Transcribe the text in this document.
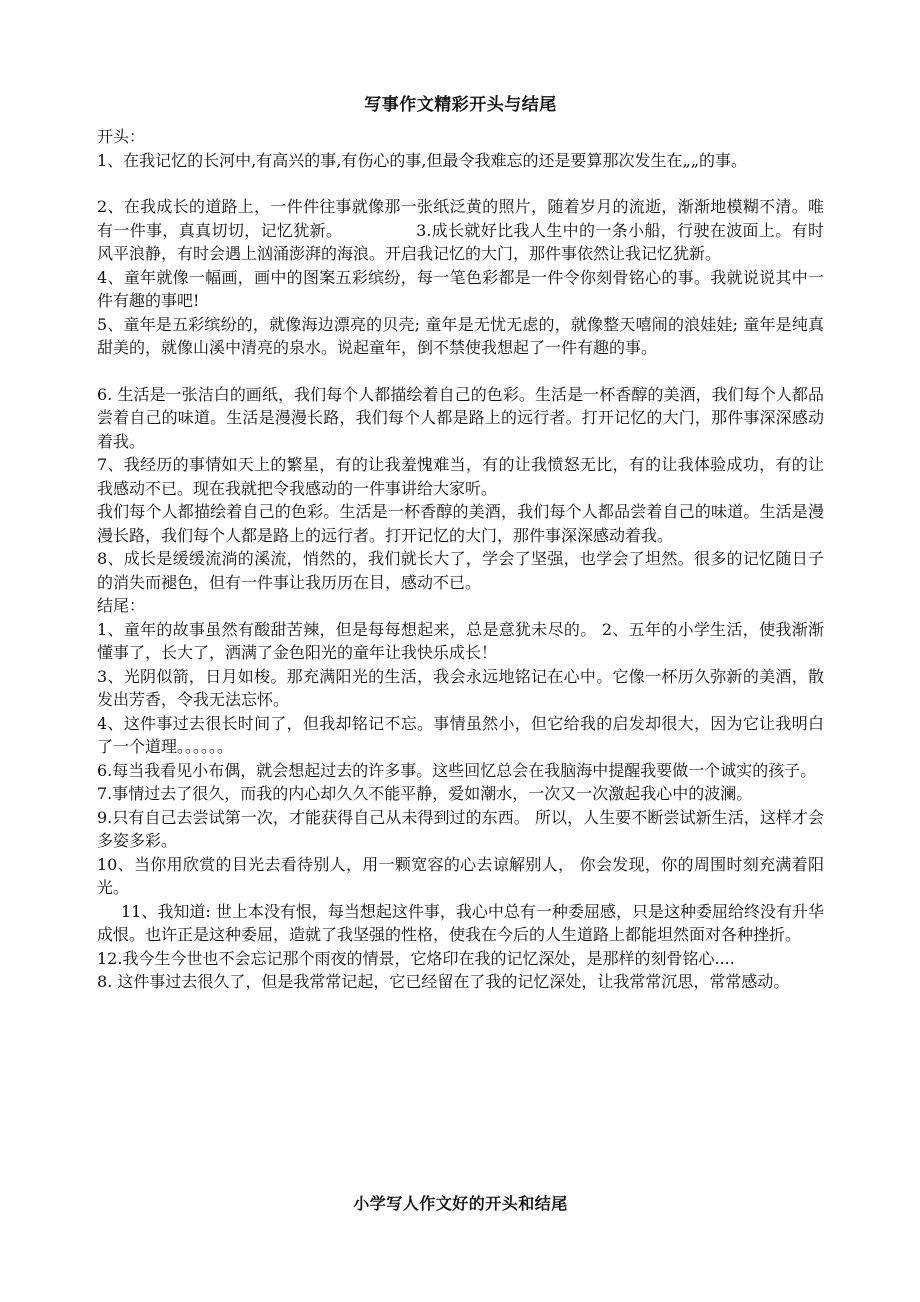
写事作文精彩开头与结尾

开头：

1、在我记忆的长河中,有高兴的事,有伤心的事,但最令我难忘的还是要算那次发生在„„的事。

2、在我成长的道路上，一件件往事就像那一张纸泛黄的照片，随着岁月的流逝，渐渐地模糊不清。唯有一件事，真真切切，记忆犹新。　　　　　3.成长就好比我人生中的一条小船，行驶在波面上。有时风平浪静，有时会遇上汹涌澎湃的海浪。开启我记忆的大门，那件事依然让我记忆犹新。

4、童年就像一幅画，画中的图案五彩缤纷，每一笔色彩都是一件令你刻骨铭心的事。我就说说其中一件有趣的事吧!

5、童年是五彩缤纷的，就像海边漂亮的贝壳; 童年是无忧无虑的，就像整天嘻闹的浪娃娃; 童年是纯真甜美的，就像山溪中清亮的泉水。说起童年，倒不禁使我想起了一件有趣的事。

6. 生活是一张洁白的画纸，我们每个人都描绘着自己的色彩。生活是一杯香醇的美酒，我们每个人都品尝着自己的味道。生活是漫漫长路，我们每个人都是路上的远行者。打开记忆的大门，那件事深深感动着我。

7、我经历的事情如天上的繁星，有的让我羞愧难当，有的让我愤怒无比，有的让我体验成功，有的让我感动不已。现在我就把令我感动的一件事讲给大家听。

我们每个人都描绘着自己的色彩。生活是一杯香醇的美酒，我们每个人都品尝着自己的味道。生活是漫漫长路，我们每个人都是路上的远行者。打开记忆的大门，那件事深深感动着我。

8、成长是缓缓流淌的溪流，悄然的，我们就长大了，学会了坚强，也学会了坦然。很多的记忆随日子的消失而褪色，但有一件事让我历历在目，感动不已。

结尾：

1、童年的故事虽然有酸甜苦辣，但是每每想起来，总是意犹未尽的。 2、五年的小学生活，使我渐渐懂事了，长大了，洒满了金色阳光的童年让我快乐成长！

3、光阴似箭，日月如梭。那充满阳光的生活，我会永远地铭记在心中。它像一杯历久弥新的美酒，散发出芳香，令我无法忘怀。

4、这件事过去很长时间了，但我却铭记不忘。事情虽然小，但它给我的启发却很大，因为它让我明白了一个道理。。。。。。

6.每当我看见小布偶，就会想起过去的许多事。这些回忆总会在我脑海中提醒我要做一个诚实的孩子。

7.事情过去了很久，而我的内心却久久不能平静，爱如潮水，一次又一次激起我心中的波澜。

9.只有自己去尝试第一次，才能获得自己从未得到过的东西。 所以，人生要不断尝试新生活，这样才会多姿多彩。

10、当你用欣赏的目光去看待别人，用一颗宽容的心去谅解别人， 你会发现，你的周围时刻充满着阳光。

11、我知道: 世上本没有恨，每当想起这件事，我心中总有一种委屈感，只是这种委屈给终没有升华成恨。也许正是这种委屈，造就了我坚强的性格，使我在今后的人生道路上都能坦然面对各种挫折。

12.我今生今世也不会忘记那个雨夜的情景，它烙印在我的记忆深处，是那样的刻骨铭心....

8. 这件事过去很久了，但是我常常记起，它已经留在了我的记忆深处，让我常常沉思，常常感动。

小学写人作文好的开头和结尾
